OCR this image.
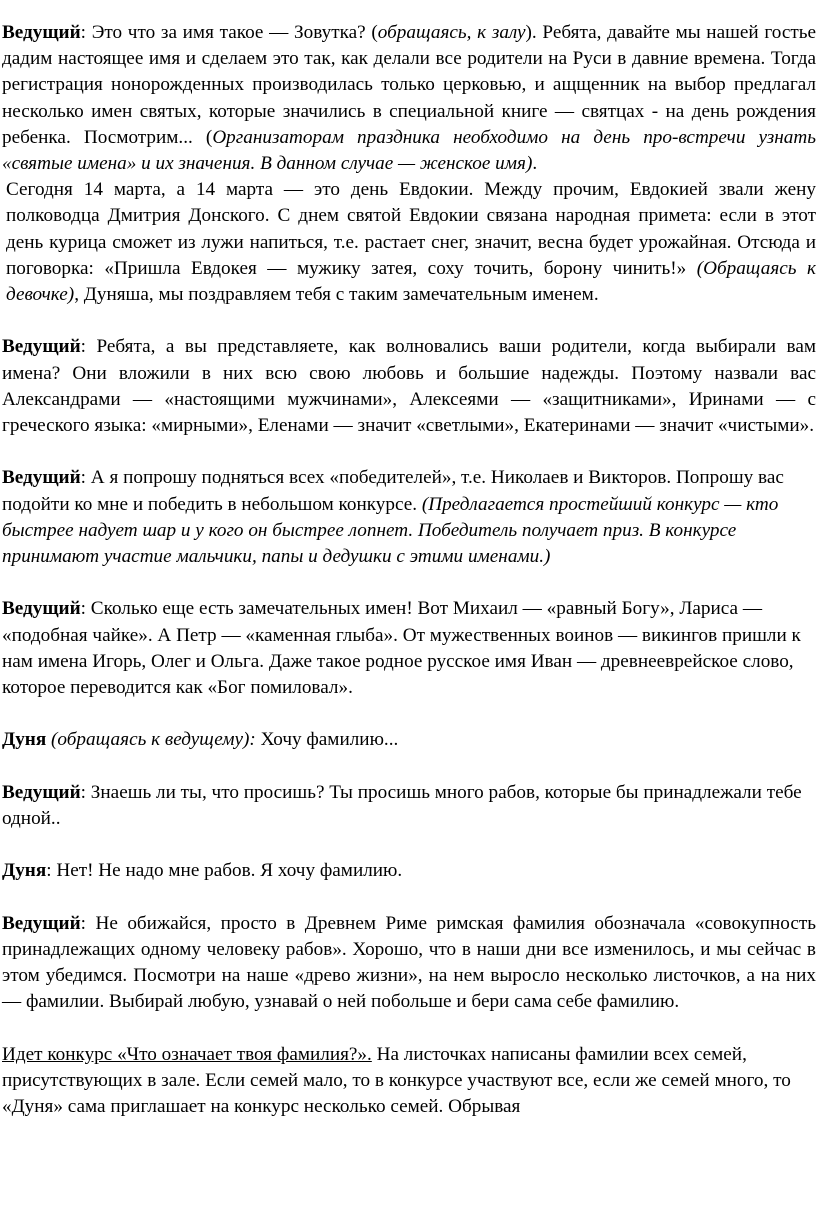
Ведущий: Это что за имя такое — Зовутка? (обращаясь, к залу). Ребята, давайте мы нашей гостье дадим настоящее имя и сделаем это так, как делали все родители на Руси в давние времена. Тогда регистрация нонорожденных производилась только церковью, и ащщенник на выбор предлагал несколько имен святых, которые значились в специальной книге — святцах - на день рождения ребенка. Посмотрим... (Организаторам праздника необходимо на день про-встречи узнать «святые имена» и их значения. В данном случае — женское имя).

Сегодня 14 марта, а 14 марта — это день Евдокии. Между прочим, Евдокией звали жену полководца Дмитрия Донского. С днем святой Евдокии связана народная примета: если в этот день курица сможет из лужи напиться, т.е. растает снег, значит, весна будет урожайная. Отсюда и поговорка: «Пришла Евдокея — мужику затея, соху точить, борону чинить!» (Обращаясь к девочке), Дуняша, мы поздравляем тебя с таким замечательным именем.

Ведущий: Ребята, а вы представляете, как волновались ваши родители, когда выбирали вам имена? Они вложили в них всю свою любовь и большие надежды. Поэтому назвали вас Александрами — «настоящими мужчинами», Алексеями — «защитниками», Иринами — с греческого языка: «мирными», Еленами — значит «светлыми», Екатеринами — значит «чистыми».

Ведущий: А я попрошу подняться всех «победителей», т.е. Николаев и Викторов. Попрошу вас подойти ко мне и победить в небольшом конкурсе. (Предлагается простейший конкурс — кто быстрее надует шар и у кого он быстрее лопнет. Победитель получает приз. В конкурсе принимают участие мальчики, папы и дедушки с этими именами.)

Ведущий: Сколько еще есть замечательных имен! Вот Михаил — «равный Богу», Лариса — «подобная чайке». А Петр — «каменная глыба». От мужественных воинов — викингов пришли к нам имена Игорь, Олег и Ольга. Даже такое родное русское имя Иван — древнееврейское слово, которое переводится как «Бог помиловал».

Дуня (обращаясь к ведущему): Хочу фамилию...

Ведущий: Знаешь ли ты, что просишь? Ты просишь много рабов, которые бы принадлежали тебе одной..

Дуня: Нет! Не надо мне рабов. Я хочу фамилию.

Ведущий: Не обижайся, просто в Древнем Риме римская фамилия обозначала «совокупность принадлежащих одному человеку рабов». Хорошо, что в наши дни все изменилось, и мы сейчас в этом убедимся. Посмотри на наше «древо жизни», на нем выросло несколько листочков, а на них — фамилии. Выбирай любую, узнавай о ней побольше и бери сама себе фамилию.

Идет конкурс «Что означает твоя фамилия?». На листочках написаны фамилии всех семей, присутствующих в зале. Если семей мало, то в конкурсе участвуют все, если же семей много, то «Дуня» сама приглашает на конкурс несколько семей. Обрывая
